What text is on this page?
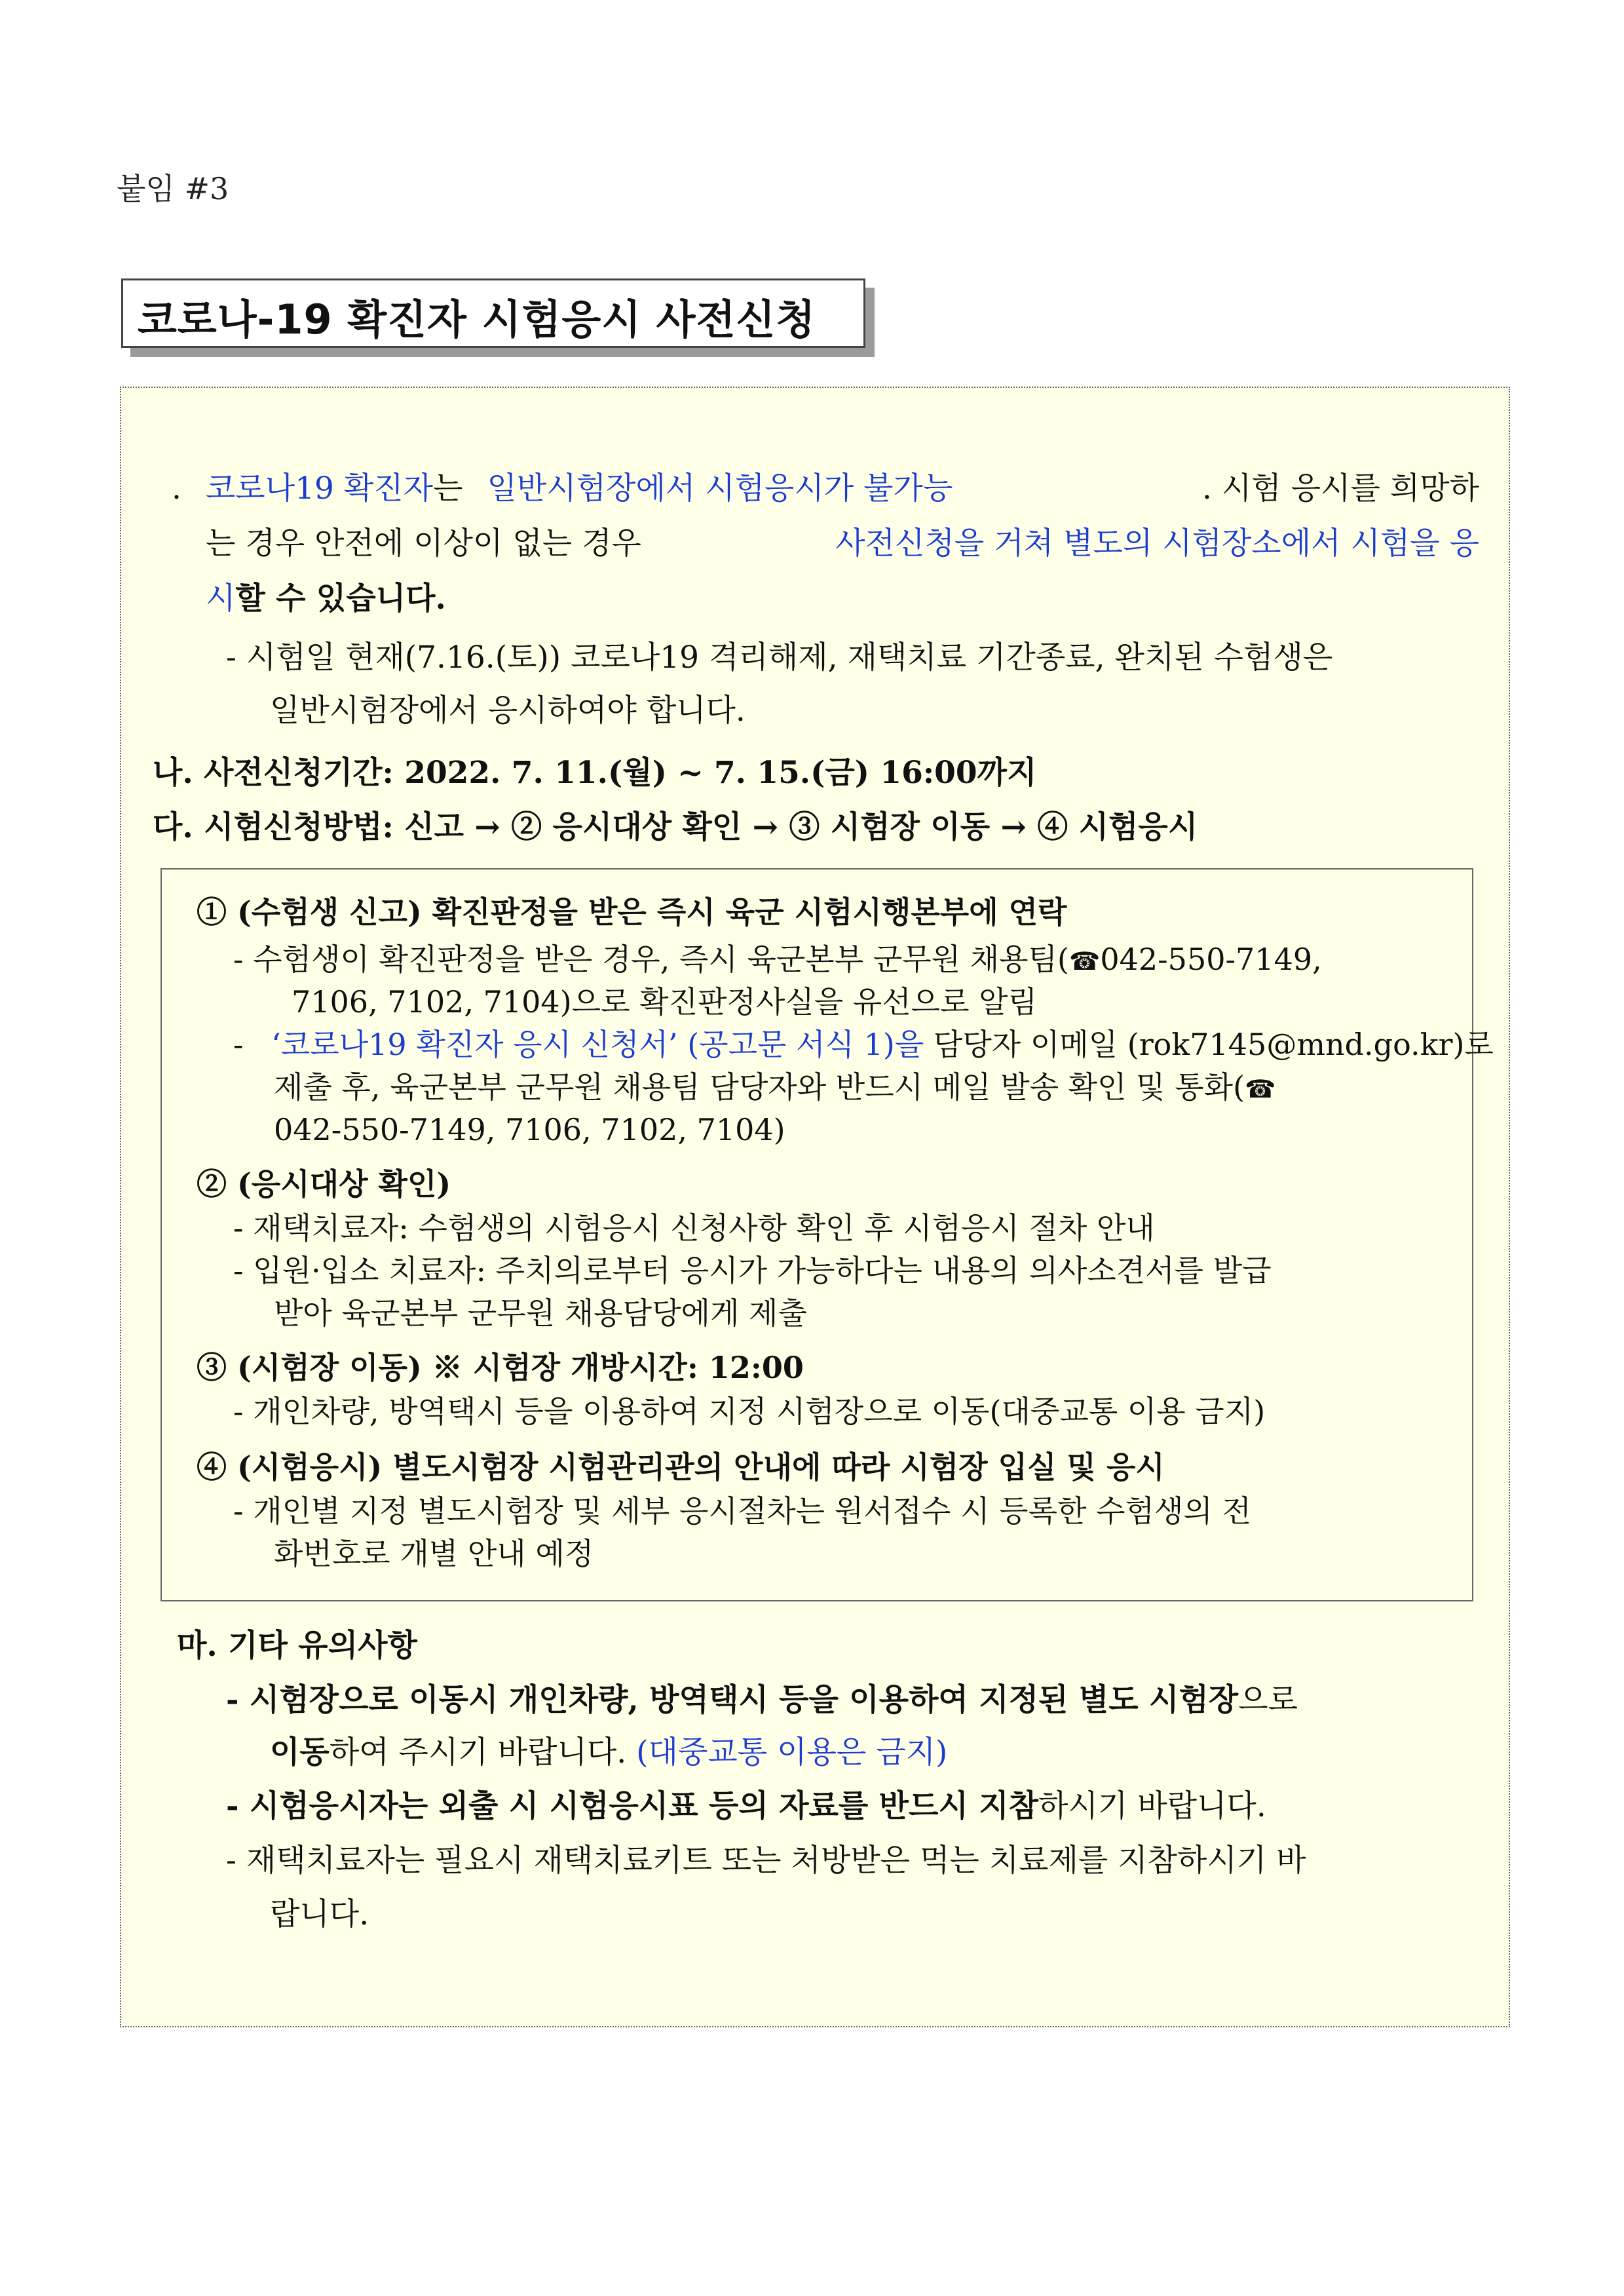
붙임 #3
코로나-19 확진자 시험응시 사전신청
. 코로나19 확진자는 일반시험장에서 시험응시가 불가능	. 시험 응시를 희망하
는 경우 안전에 이상이 없는 경우	사전신청을 거쳐 별도의 시험장소에서 시험을 응
시할 수 있습니다.
- 시험일 현재(7.16.(토)) 코로나19 격리해제, 재택치료 기간종료, 완치된 수험생은
일반시험장에서 응시하여야 합니다.
나. 사전신청기간: 2022. 7. 11.(월) ~ 7. 15.(금) 16:00까지
다. 시험신청방법: 신고 → ② 응시대상 확인 → ③ 시험장 이동 → ④ 시험응시
① (수험생 신고) 확진판정을 받은 즉시 육군 시험시행본부에 연락
- 수험생이 확진판정을 받은 경우, 즉시 육군본부 군무원 채용팀(☎042-550-7149,
7106, 7102, 7104)으로 확진판정사실을 유선으로 알림
- ‘코로나19 확진자 응시 신청서’ (공고문 서식 1)을 담당자 이메일 (rok7145@mnd.go.kr)로
제출 후, 육군본부 군무원 채용팀 담당자와 반드시 메일 발송 확인 및 통화(☎
042-550-7149, 7106, 7102, 7104)
② (응시대상 확인)
- 재택치료자: 수험생의 시험응시 신청사항 확인 후 시험응시 절차 안내
- 입원·입소 치료자: 주치의로부터 응시가 가능하다는 내용의 의사소견서를 발급
받아 육군본부 군무원 채용담당에게 제출
③ (시험장 이동) ※ 시험장 개방시간: 12:00
- 개인차량, 방역택시 등을 이용하여 지정 시험장으로 이동(대중교통 이용 금지)
④ (시험응시) 별도시험장 시험관리관의 안내에 따라 시험장 입실 및 응시
- 개인별 지정 별도시험장 및 세부 응시절차는 원서접수 시 등록한 수험생의 전
화번호로 개별 안내 예정
마. 기타 유의사항
- 시험장으로 이동시 개인차량, 방역택시 등을 이용하여 지정된 별도 시험장으로
이동하여 주시기 바랍니다. (대중교통 이용은 금지)
- 시험응시자는 외출 시 시험응시표 등의 자료를 반드시 지참하시기 바랍니다.
- 재택치료자는 필요시 재택치료키트 또는 처방받은 먹는 치료제를 지참하시기 바
랍니다.
